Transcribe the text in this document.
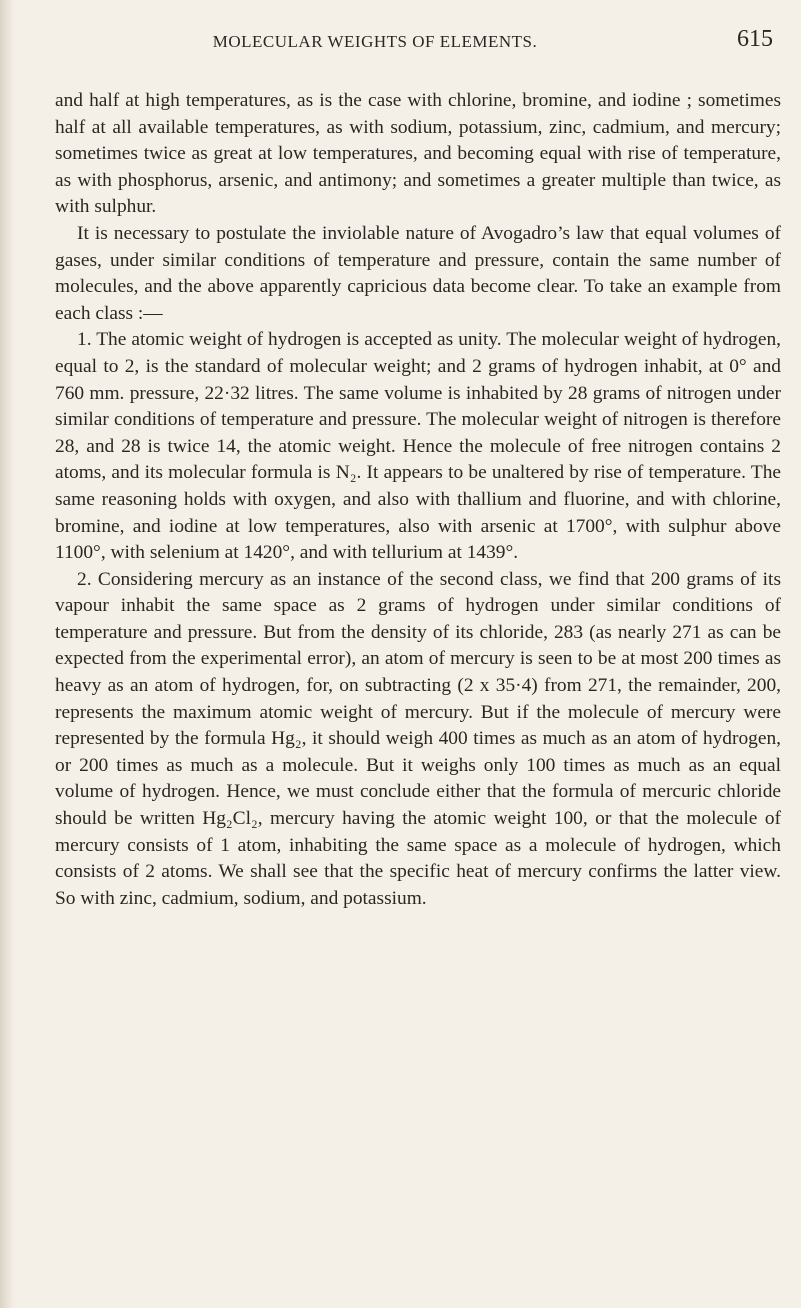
MOLECULAR WEIGHTS OF ELEMENTS.	615

and half at high temperatures, as is the case with chlorine, bromine, and iodine ; sometimes half at all available temperatures, as with sodium, potassium, zinc, cadmium, and mercury; sometimes twice as great at low temperatures, and becoming equal with rise of temperature, as with phosphorus, arsenic, and antimony; and sometimes a greater multiple than twice, as with sulphur.

It is necessary to postulate the inviolable nature of Avogadro’s law that equal volumes of gases, under similar conditions of temperature and pressure, contain the same number of molecules, and the above apparently capricious data become clear. To take an example from each class :—

1. The atomic weight of hydrogen is accepted as unity. The molecular weight of hydrogen, equal to 2, is the standard of molecular weight; and 2 grams of hydrogen inhabit, at 0° and 760 mm. pressure, 22·32 litres. The same volume is inhabited by 28 grams of nitrogen under similar conditions of temperature and pressure. The molecular weight of nitrogen is therefore 28, and 28 is twice 14, the atomic weight. Hence the molecule of free nitrogen contains 2 atoms, and its molecular formula is N₂. It appears to be unaltered by rise of temperature. The same reasoning holds with oxygen, and also with thallium and fluorine, and with chlorine, bromine, and iodine at low temperatures, also with arsenic at 1700°, with sulphur above 1100°, with selenium at 1420°, and with tellurium at 1439°.

2. Considering mercury as an instance of the second class, we find that 200 grams of its vapour inhabit the same space as 2 grams of hydrogen under similar conditions of temperature and pressure. But from the density of its chloride, 283 (as nearly 271 as can be expected from the experimental error), an atom of mercury is seen to be at most 200 times as heavy as an atom of hydrogen, for, on subtracting (2 x 35·4) from 271, the remainder, 200, represents the maximum atomic weight of mercury. But if the molecule of mercury were represented by the formula Hg₂, it should weigh 400 times as much as an atom of hydrogen, or 200 times as much as a molecule. But it weighs only 100 times as much as an equal volume of hydrogen. Hence, we must conclude either that the formula of mercuric chloride should be written Hg₂Cl₂, mercury having the atomic weight 100, or that the molecule of mercury consists of 1 atom, inhabiting the same space as a molecule of hydrogen, which consists of 2 atoms. We shall see that the specific heat of mercury confirms the latter view. So with zinc, cadmium, sodium, and potassium.
